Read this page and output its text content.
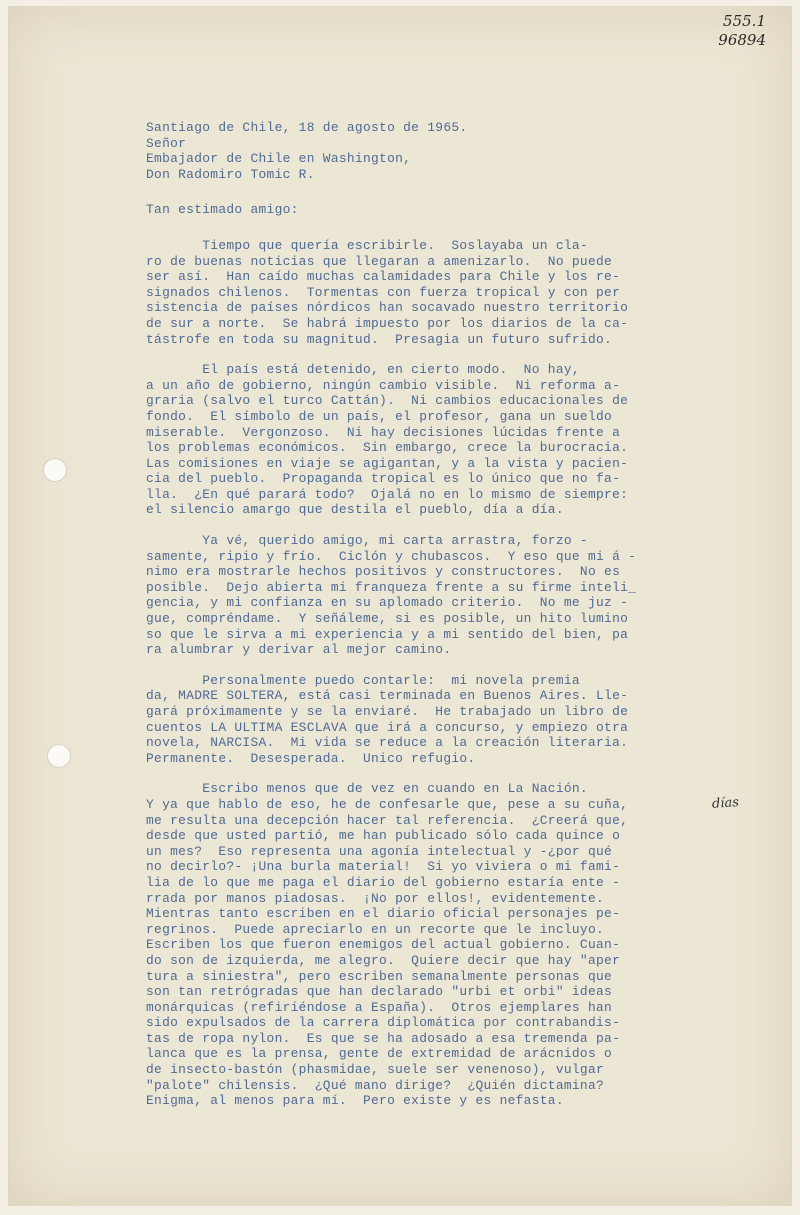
555.1
96894
Santiago de Chile, 18 de agosto de 1965.
Señor
Embajador de Chile en Washington,
Don Radomiro Tomic R.
Tan estimado amigo:
Tiempo que quería escribirle.  Soslayaba un cla-
ro de buenas noticias que llegaran a amenizarlo.  No puede
ser así.  Han caído muchas calamidades para Chile y los re-
signados chilenos.  Tormentas con fuerza tropical y con per
sistencia de países nórdicos han socavado nuestro territorio
de sur a norte.  Se habrá impuesto por los diarios de la ca-
tástrofe en toda su magnitud.  Presagia un futuro sufrido.
El país está detenido, en cierto modo.  No hay,
a un año de gobierno, ningún cambio visible.  Ni reforma a-
graria (salvo el turco Cattán).  Ni cambios educacionales de
fondo.  El símbolo de un país, el profesor, gana un sueldo
miserable.  Vergonzoso.  Ni hay decisiones lúcidas frente a
los problemas económicos.  Sin embargo, crece la burocracia.
Las comisiones en viaje se agigantan, y a la vista y pacien-
cia del pueblo.  Propaganda tropical es lo único que no fa-
lla.  ¿En qué parará todo?  Ojalá no en lo mismo de siempre:
el silencio amargo que destila el pueblo, día a día.
Ya vé, querido amigo, mi carta arrastra, forzo -
samente, ripio y frío.  Ciclón y chubascos.  Y eso que mi á -
nimo era mostrarle hechos positivos y constructores.  No es
posible.  Dejo abierta mi franqueza frente a su firme inteli_
gencia, y mi confianza en su aplomado criterio.  No me juz -
gue, compréndame.  Y señáleme, si es posible, un hito lumino
so que le sirva a mi experiencia y a mi sentido del bien, pa
ra alumbrar y derivar al mejor camino.
Personalmente puedo contarle:  mi novela premia
da, MADRE SOLTERA, está casi terminada en Buenos Aires. Lle-
gará próximamente y se la enviaré.  He trabajado un libro de
cuentos LA ULTIMA ESCLAVA que irá a concurso, y empiezo otra
novela, NARCISA.  Mi vida se reduce a la creación literaria.
Permanente.  Desesperada.  Unico refugio.
Escribo menos que de vez en cuando en La Nación.
Y ya que hablo de eso, he de confesarle que, pese a su cuña,
me resulta una decepción hacer tal referencia.  ¿Creerá que,
desde que usted partió, me han publicado sólo cada quince o
un mes?  Eso representa una agonía intelectual y -¿por qué
no decirlo?- ¡Una burla material!  Si yo viviera o mi fami-
lia de lo que me paga el diario del gobierno estaría ente -
rrada por manos piadosas.  ¡No por ellos!, evidentemente.
Mientras tanto escriben en el diario oficial personajes pe-
regrinos.  Puede apreciarlo en un recorte que le incluyo.
Escriben los que fueron enemigos del actual gobierno. Cuan-
do son de izquierda, me alegro.  Quiere decir que hay "aper
tura a siniestra", pero escriben semanalmente personas que
son tan retrógradas que han declarado "urbi et orbi" ideas
monárquicas (refiriéndose a España).  Otros ejemplares han
sido expulsados de la carrera diplomática por contrabandis-
tas de ropa nylon.  Es que se ha adosado a esa tremenda pa-
lanca que es la prensa, gente de extremidad de arácnidos o
de insecto-bastón (phasmidae, suele ser venenoso), vulgar
"palote" chilensis.  ¿Qué mano dirige?  ¿Quién dictamina?
Enigma, al menos para mí.  Pero existe y es nefasta.
días
